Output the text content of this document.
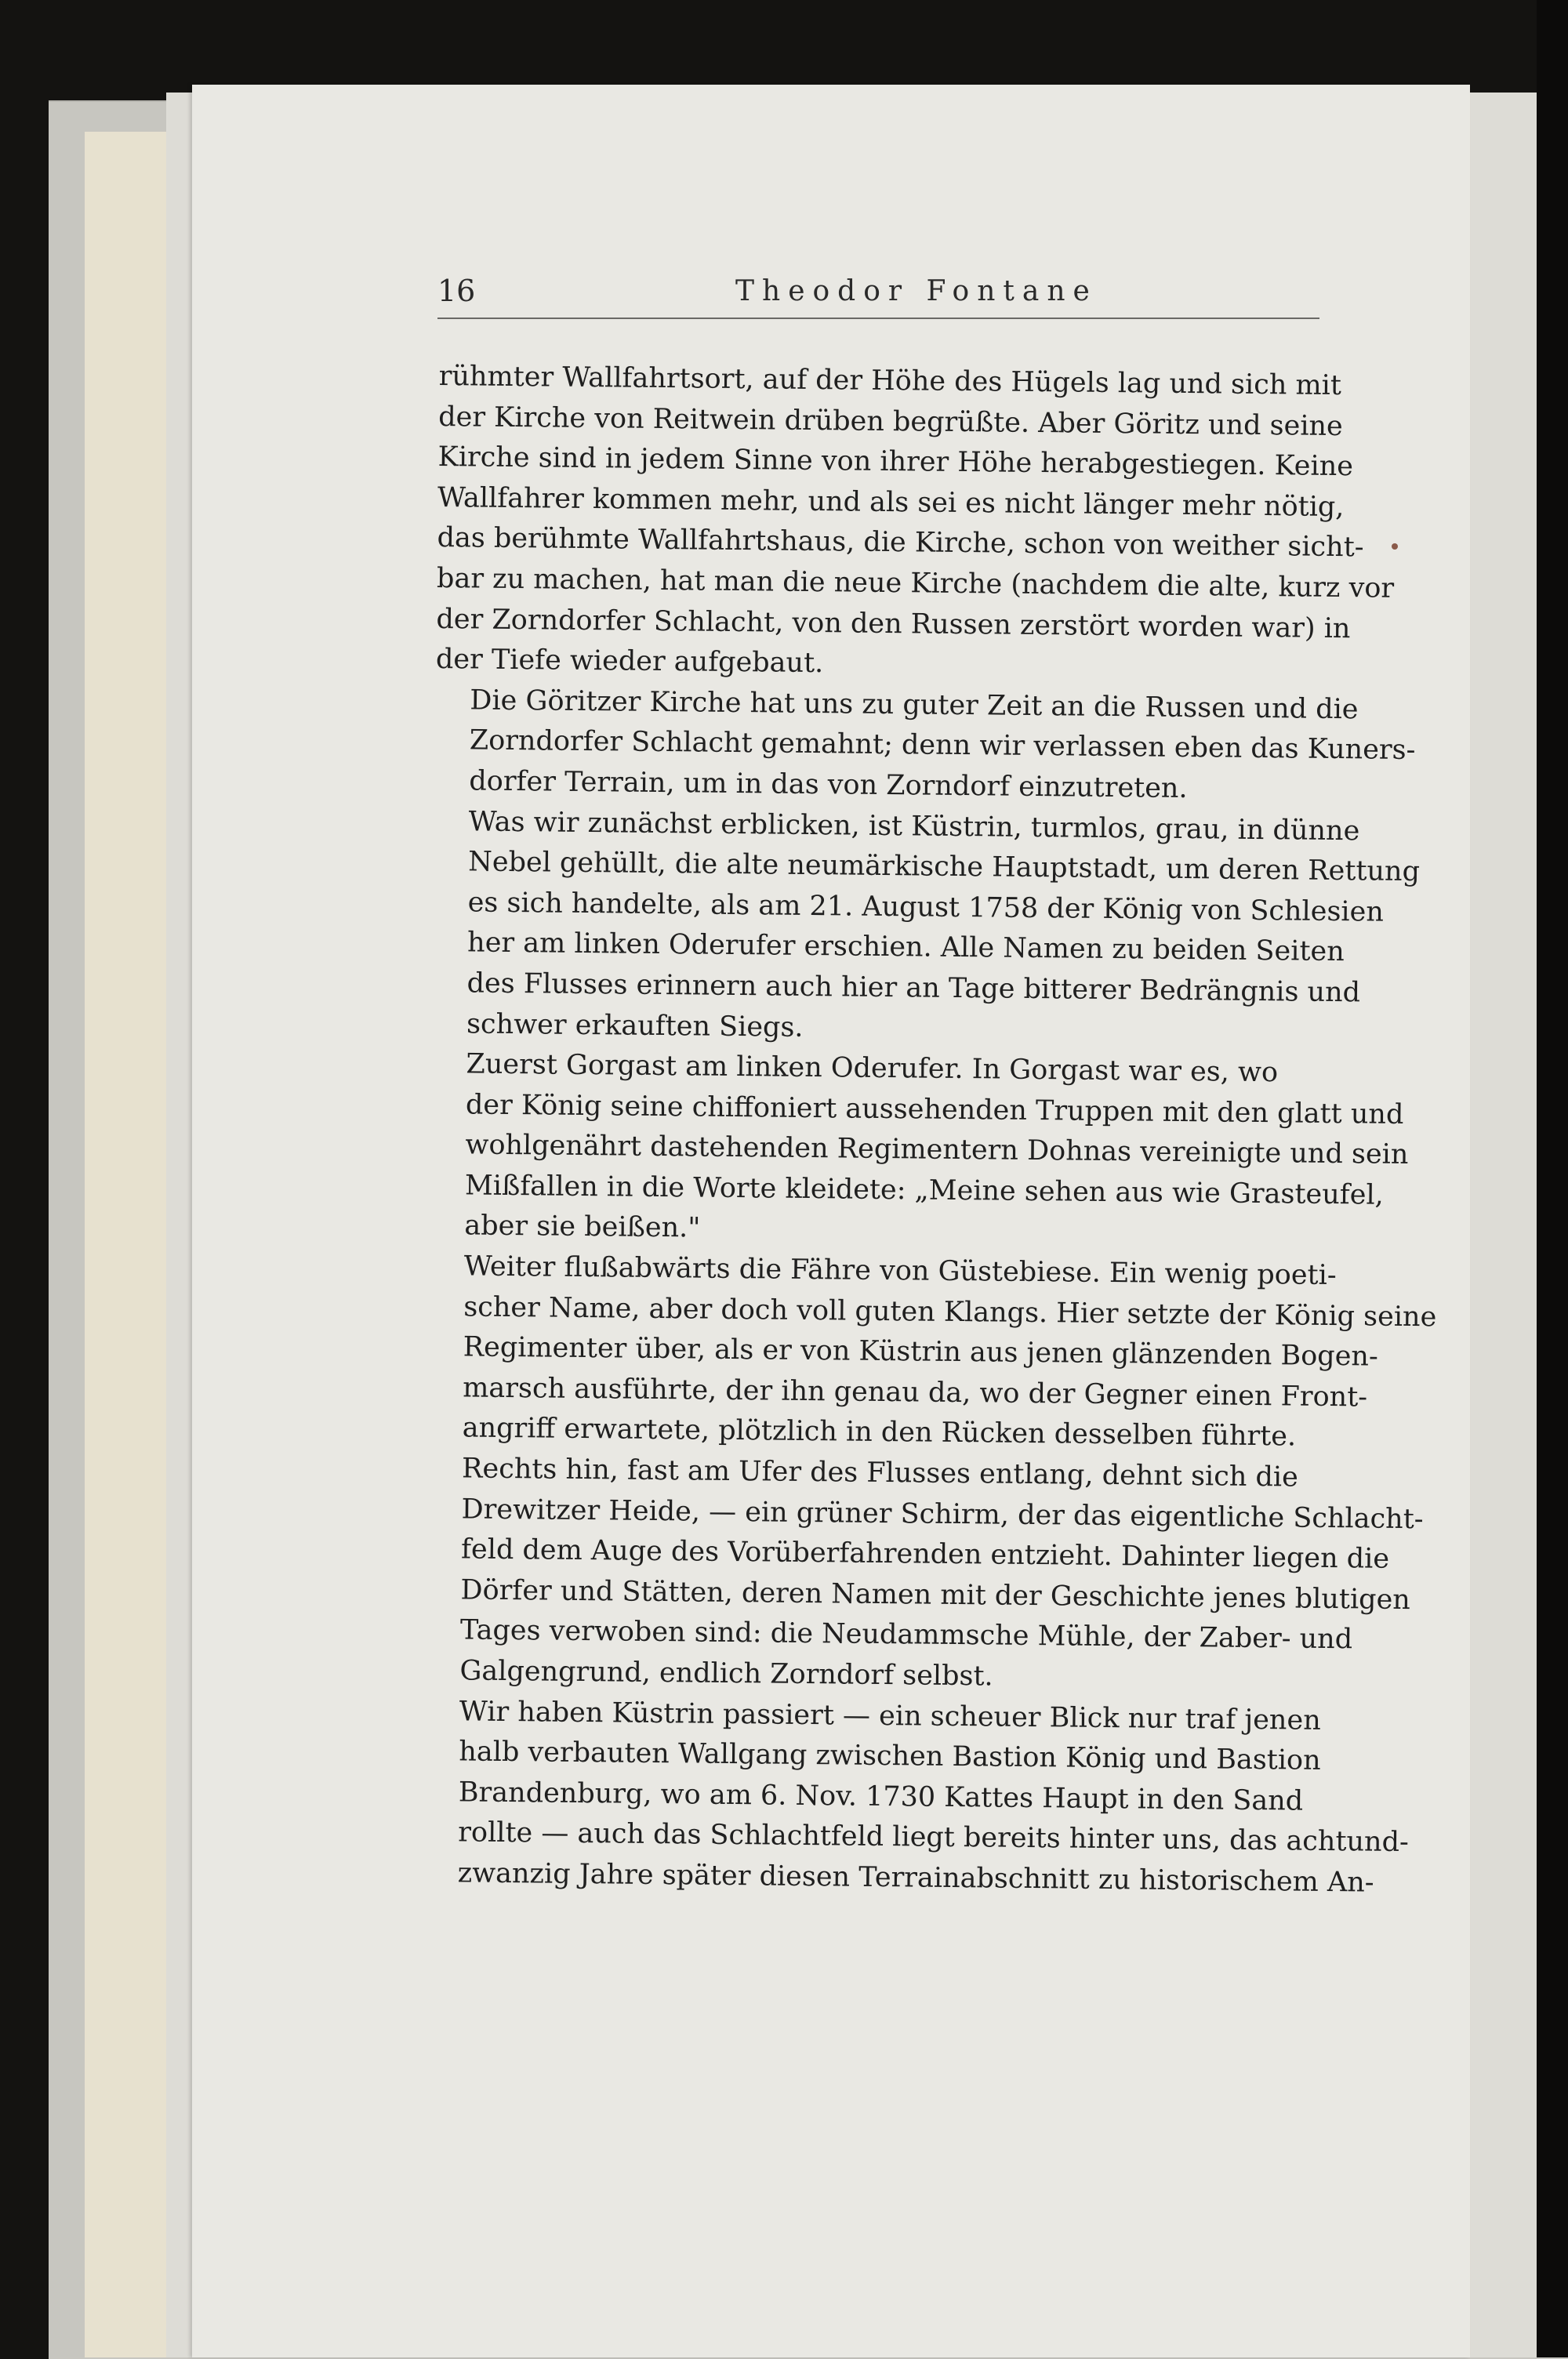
16	Theodor Fontane

rühmter Wallfahrtsort, auf der Höhe des Hügels lag und sich mit
der Kirche von Reitwein drüben begrüßte. Aber Göritz und seine
Kirche sind in jedem Sinne von ihrer Höhe herabgestiegen. Keine
Wallfahrer kommen mehr, und als sei es nicht länger mehr nötig,
das berühmte Wallfahrtshaus, die Kirche, schon von weither sicht-
bar zu machen, hat man die neue Kirche (nachdem die alte, kurz vor
der Zorndorfer Schlacht, von den Russen zerstört worden war) in
der Tiefe wieder aufgebaut.

Die Göritzer Kirche hat uns zu guter Zeit an die Russen und die
Zorndorfer Schlacht gemahnt; denn wir verlassen eben das Kuners-
dorfer Terrain, um in das von Zorndorf einzutreten.

Was wir zunächst erblicken, ist Küstrin, turmlos, grau, in dünne
Nebel gehüllt, die alte neumärkische Hauptstadt, um deren Rettung
es sich handelte, als am 21. August 1758 der König von Schlesien
her am linken Oderufer erschien. Alle Namen zu beiden Seiten
des Flusses erinnern auch hier an Tage bitterer Bedrängnis und
schwer erkauften Siegs.

Zuerst Gorgast am linken Oderufer. In Gorgast war es, wo
der König seine chiffoniert aussehenden Truppen mit den glatt und
wohlgenährt dastehenden Regimentern Dohnas vereinigte und sein
Mißfallen in die Worte kleidete: „Meine sehen aus wie Grasteufel,
aber sie beißen."

Weiter flußabwärts die Fähre von Güstebiese. Ein wenig poeti-
scher Name, aber doch voll guten Klangs. Hier setzte der König seine
Regimenter über, als er von Küstrin aus jenen glänzenden Bogen-
marsch ausführte, der ihn genau da, wo der Gegner einen Front-
angriff erwartete, plötzlich in den Rücken desselben führte.

Rechts hin, fast am Ufer des Flusses entlang, dehnt sich die
Drewitzer Heide, — ein grüner Schirm, der das eigentliche Schlacht-
feld dem Auge des Vorüberfahrenden entzieht. Dahinter liegen die
Dörfer und Stätten, deren Namen mit der Geschichte jenes blutigen
Tages verwoben sind: die Neudammsche Mühle, der Zaber- und
Galgengrund, endlich Zorndorf selbst.

Wir haben Küstrin passiert — ein scheuer Blick nur traf jenen
halb verbauten Wallgang zwischen Bastion König und Bastion
Brandenburg, wo am 6. Nov. 1730 Kattes Haupt in den Sand
rollte — auch das Schlachtfeld liegt bereits hinter uns, das achtund-
zwanzig Jahre später diesen Terrainabschnitt zu historischem An-
